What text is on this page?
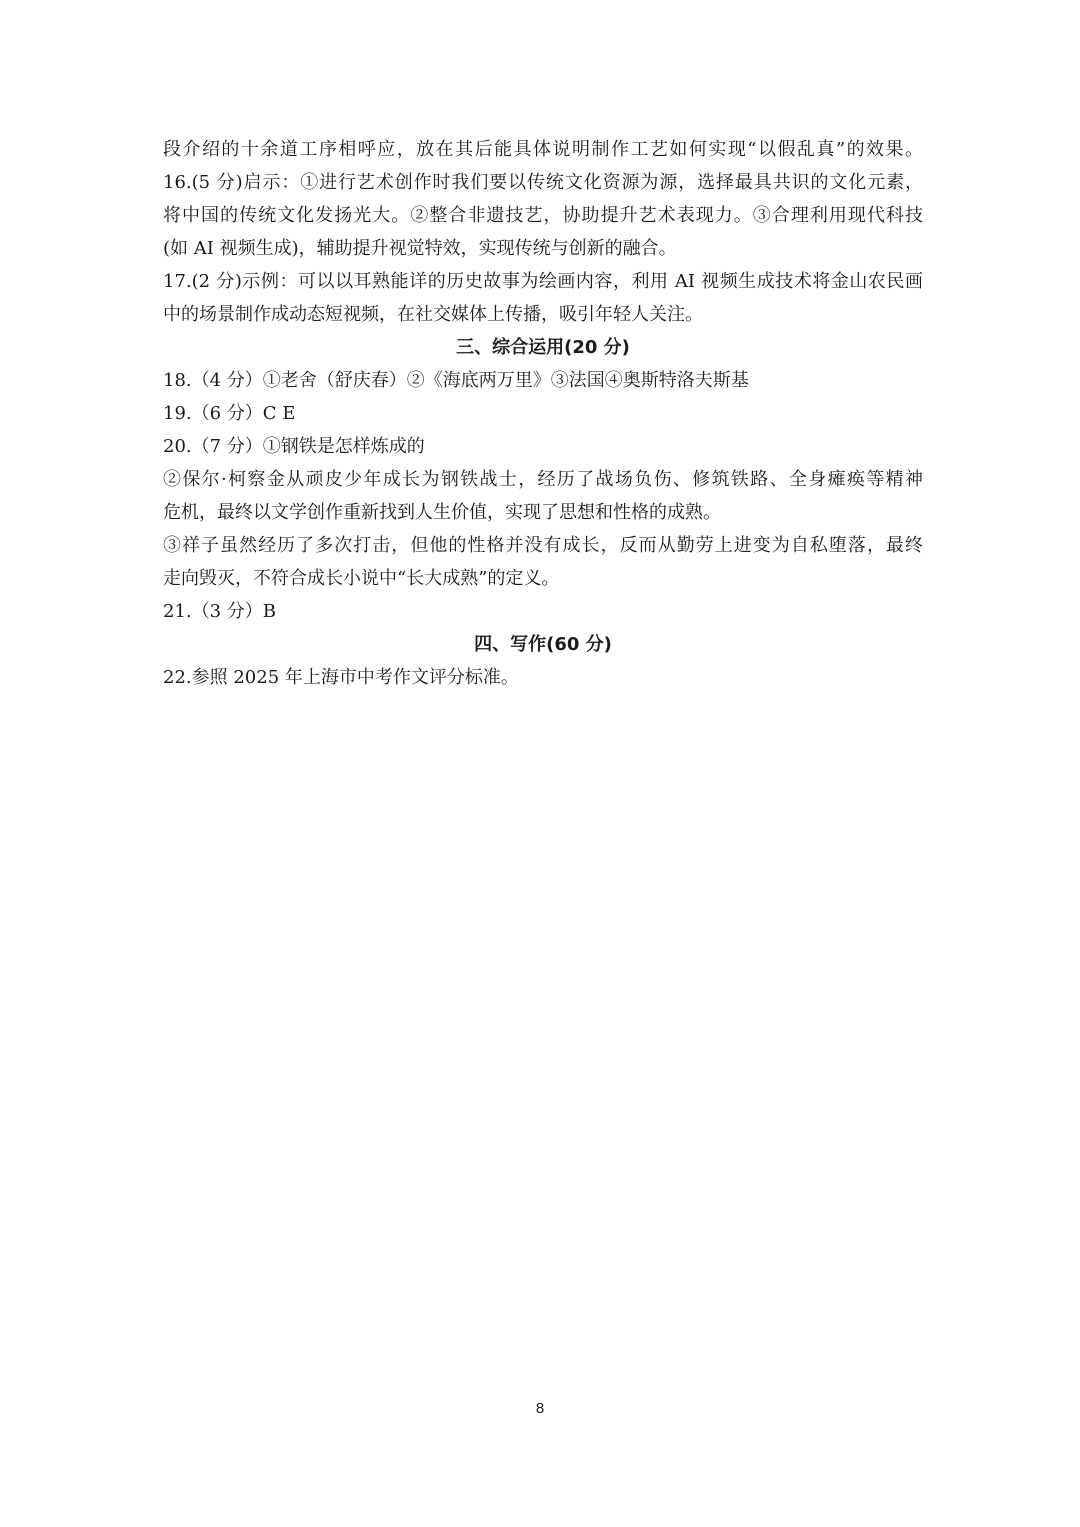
段介绍的十余道工序相呼应，放在其后能具体说明制作工艺如何实现“以假乱真”的效果。
16.(5 分)启示：①进行艺术创作时我们要以传统文化资源为源，选择最具共识的文化元素，
将中国的传统文化发扬光大。②整合非遗技艺，协助提升艺术表现力。③合理利用现代科技
(如 AI 视频生成)，辅助提升视觉特效，实现传统与创新的融合。
17.(2 分)示例：可以以耳熟能详的历史故事为绘画内容，利用 AI 视频生成技术将金山农民画
中的场景制作成动态短视频，在社交媒体上传播，吸引年轻人关注。
三、综合运用(20 分)
18.（4 分）①老舍（舒庆春）②《海底两万里》③法国④奥斯特洛夫斯基
19.（6 分）C E
20.（7 分）①钢铁是怎样炼成的
②保尔·柯察金从顽皮少年成长为钢铁战士，经历了战场负伤、修筑铁路、全身瘫痪等精神
危机，最终以文学创作重新找到人生价值，实现了思想和性格的成熟。
③祥子虽然经历了多次打击，但他的性格并没有成长，反而从勤劳上进变为自私堕落，最终
走向毁灭，不符合成长小说中“长大成熟”的定义。
21.（3 分）B
四、写作(60 分)
22.参照 2025 年上海市中考作文评分标准。
8
